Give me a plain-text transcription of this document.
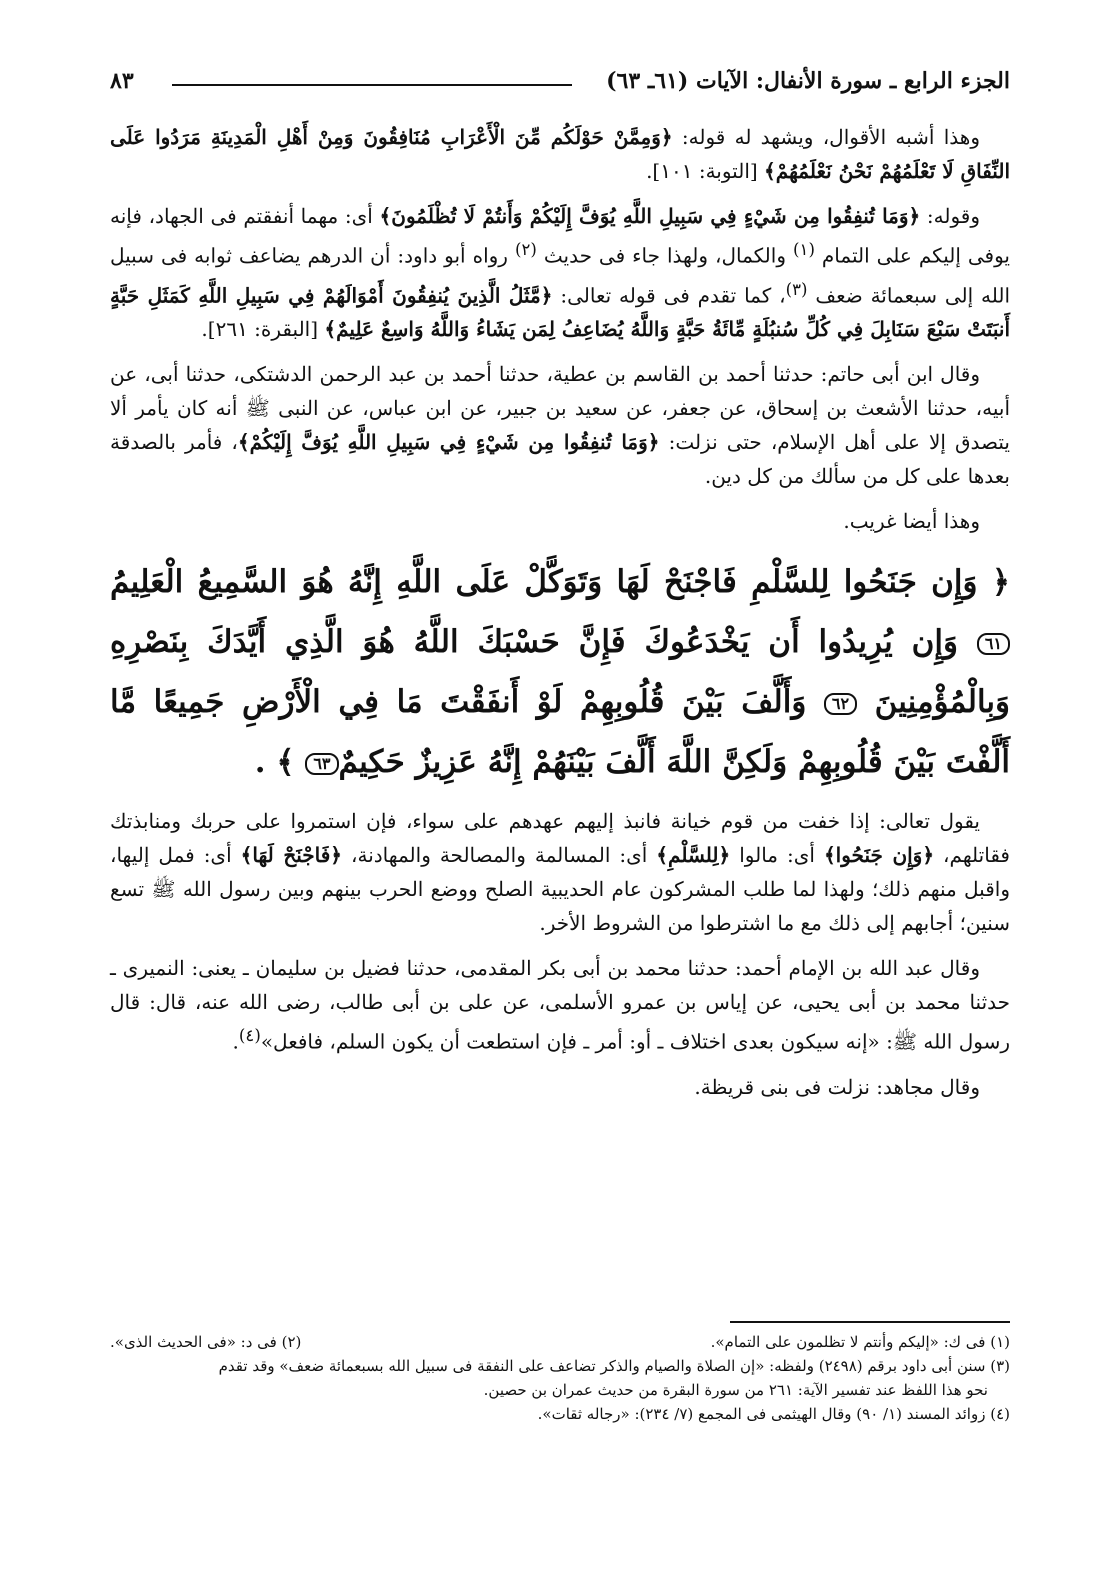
الجزء الرابع ـ سورة الأنفال: الآيات (٦١ـ ٦٣)
٨٣

وهذا أشبه الأقوال، ويشهد له قوله: ﴿وَمِمَّنْ حَوْلَكُم مِّنَ الْأَعْرَابِ مُنَافِقُونَ وَمِنْ أَهْلِ الْمَدِينَةِ مَرَدُوا عَلَى النِّفَاقِ لَا تَعْلَمُهُمْ نَحْنُ نَعْلَمُهُمْ﴾ [التوبة: ١٠١].

وقوله: ﴿وَمَا تُنفِقُوا مِن شَيْءٍ فِي سَبِيلِ اللَّهِ يُوَفَّ إِلَيْكُمْ وَأَنتُمْ لَا تُظْلَمُونَ﴾ أى: مهما أنفقتم فى الجهاد، فإنه يوفى إليكم على التمام $^{(١)}$ والكمال، ولهذا جاء فى حديث $^{(٢)}$ رواه أبو داود: أن الدرهم يضاعف ثوابه فى سبيل الله إلى سبعمائة ضعف $^{(٣)}$، كما تقدم فى قوله تعالى: ﴿مَّثَلُ الَّذِينَ يُنفِقُونَ أَمْوَالَهُمْ فِي سَبِيلِ اللَّهِ كَمَثَلِ حَبَّةٍ أَنبَتَتْ سَبْعَ سَنَابِلَ فِي كُلِّ سُنبُلَةٍ مِّائَةُ حَبَّةٍ وَاللَّهُ يُضَاعِفُ لِمَن يَشَاءُ وَاللَّهُ وَاسِعٌ عَلِيمٌ﴾ [البقرة: ٢٦١].

وقال ابن أبى حاتم: حدثنا أحمد بن القاسم بن عطية، حدثنا أحمد بن عبد الرحمن الدشتكى، حدثنا أبى، عن أبيه، حدثنا الأشعث بن إسحاق، عن جعفر، عن سعيد بن جبير، عن ابن عباس، عن النبى ﷺ أنه كان يأمر ألا يتصدق إلا على أهل الإسلام، حتى نزلت: ﴿وَمَا تُنفِقُوا مِن شَيْءٍ فِي سَبِيلِ اللَّهِ يُوَفَّ إِلَيْكُمْ﴾، فأمر بالصدقة بعدها على كل من سألك من كل دين.

وهذا أيضا غريب.

﴿ وَإِن جَنَحُوا لِلسَّلْمِ فَاجْنَحْ لَهَا وَتَوَكَّلْ عَلَى اللَّهِ إِنَّهُ هُوَ السَّمِيعُ الْعَلِيمُ ٦١ وَإِن يُرِيدُوا أَن يَخْدَعُوكَ فَإِنَّ حَسْبَكَ اللَّهُ هُوَ الَّذِي أَيَّدَكَ بِنَصْرِهِ وَبِالْمُؤْمِنِينَ ٦٢ وَأَلَّفَ بَيْنَ قُلُوبِهِمْ لَوْ أَنفَقْتَ مَا فِي الْأَرْضِ جَمِيعًا مَّا أَلَّفْتَ بَيْنَ قُلُوبِهِمْ وَلَكِنَّ اللَّهَ أَلَّفَ بَيْنَهُمْ إِنَّهُ عَزِيزٌ حَكِيمٌ٦٣ ﴾ .

يقول تعالى: إذا خفت من قوم خيانة فانبذ إليهم عهدهم على سواء، فإن استمروا على حربك ومنابذتك فقاتلهم، ﴿وَإِن جَنَحُوا﴾ أى: مالوا ﴿لِلسَّلْمِ﴾ أى: المسالمة والمصالحة والمهادنة، ﴿فَاجْنَحْ لَهَا﴾ أى: فمل إليها، واقبل منهم ذلك؛ ولهذا لما طلب المشركون عام الحديبية الصلح ووضع الحرب بينهم وبين رسول الله ﷺ تسع سنين؛ أجابهم إلى ذلك مع ما اشترطوا من الشروط الأخر.

وقال عبد الله بن الإمام أحمد: حدثنا محمد بن أبى بكر المقدمى، حدثنا فضيل بن سليمان ـ يعنى: النميرى ـ حدثنا محمد بن أبى يحيى، عن إياس بن عمرو الأسلمى، عن على بن أبى طالب، رضى الله عنه، قال: قال رسول الله ﷺ: «إنه سيكون بعدى اختلاف ـ أو: أمر ـ فإن استطعت أن يكون السلم، فافعل»$^{(٤)}$.

وقال مجاهد: نزلت فى بنى قريظة.

(١) فى ك: «إليكم وأنتم لا تظلمون على التمام».

(٢) فى د: «فى الحديث الذى».

(٣) سنن أبى داود برقم (٢٤٩٨) ولفظه: «إن الصلاة والصيام والذكر تضاعف على النفقة فى سبيل الله بسبعمائة ضعف» وقد تقدم

نحو هذا اللفظ عند تفسير الآية: ٢٦١ من سورة البقرة من حديث عمران بن حصين.

(٤) زوائد المسند (١/ ٩٠) وقال الهيثمى فى المجمع (٧/ ٢٣٤): «رجاله ثقات».
